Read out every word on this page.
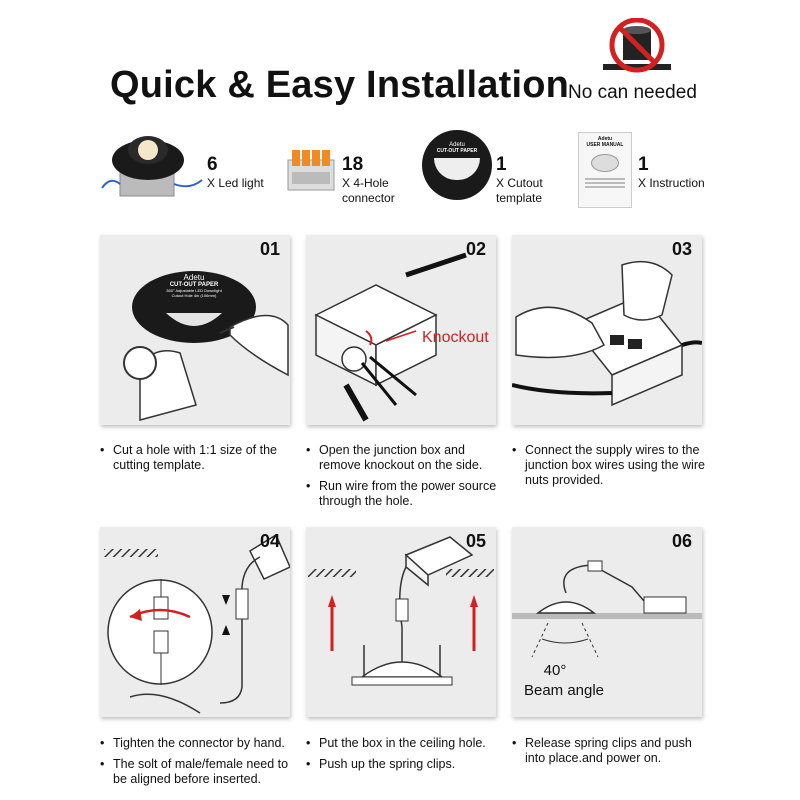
Quick & Easy Installation
No can needed
6
X Led light
18
X 4-Hole
connector
Adetu
CUT-OUT PAPER
1
X Cutout
template
Adetu
USER MANUAL
1
X Instruction
Adetu
CUT-OUT PAPER
360° Adjustable LED Downlight
Cutout Hole 4in (106mm)
01	02
Knockout
03
• Cut a hole with 1:1 size of the cutting template.
• Open the junction box and remove knockout on the side.
• Run wire from the power source through the hole.
• Connect the supply wires to the junction box wires using the wire nuts provided.
04	05	06
40°
Beam angle
• Tighten the connector by hand.
• The solt of male/female need to be aligned before inserted.
• Put the box in the ceiling hole.
• Push up the spring clips.
• Release spring clips and push into place.and power on.
